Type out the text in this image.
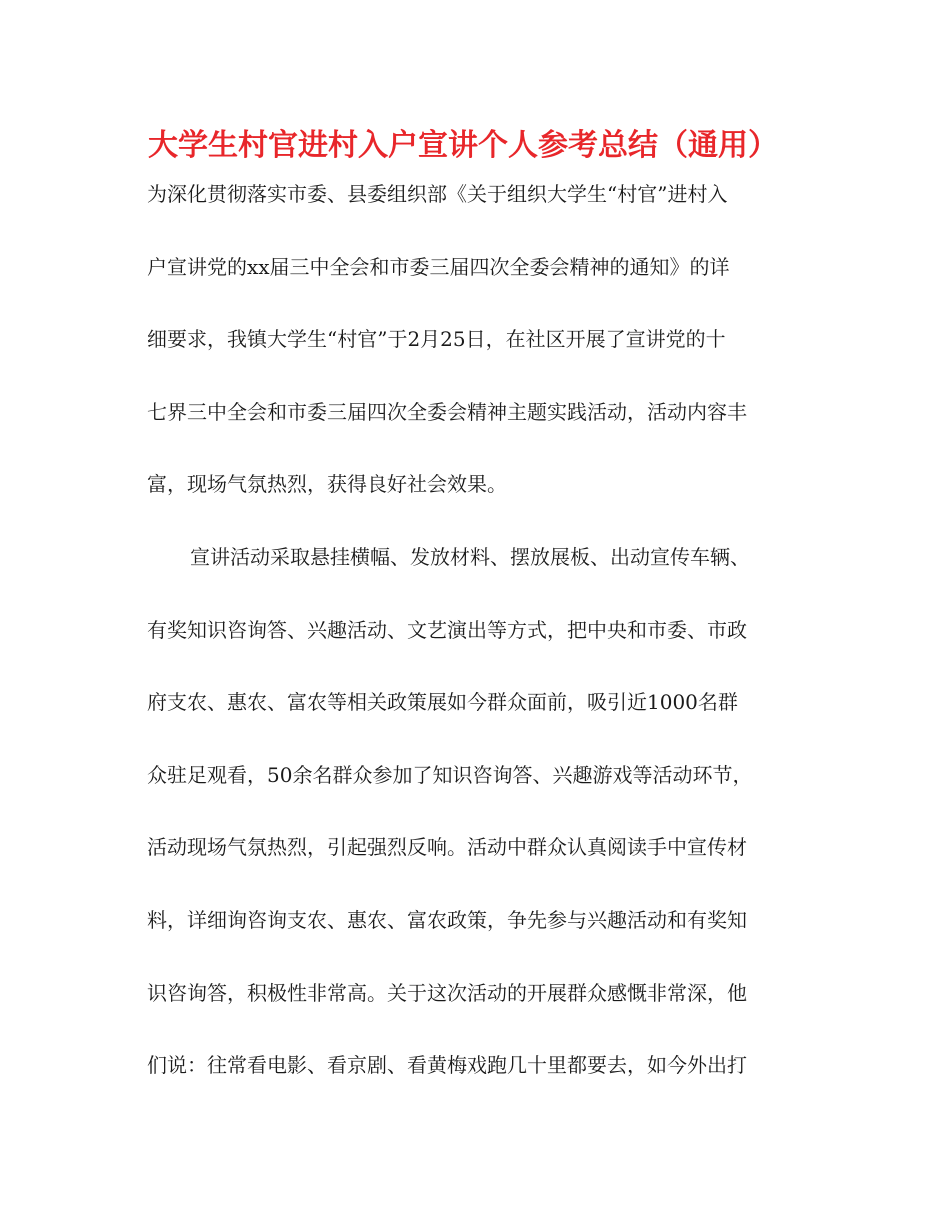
大学生村官进村入户宣讲个人参考总结（通用）
为深化贯彻落实市委、县委组织部《关于组织大学生“村官”进村入
户宣讲党的xx届三中全会和市委三届四次全委会精神的通知》的详
细要求，我镇大学生“村官”于2月25日，在社区开展了宣讲党的十
七界三中全会和市委三届四次全委会精神主题实践活动，活动内容丰
富，现场气氛热烈，获得良好社会效果。
宣讲活动采取悬挂横幅、发放材料、摆放展板、出动宣传车辆、
有奖知识咨询答、兴趣活动、文艺演出等方式，把中央和市委、市政
府支农、惠农、富农等相关政策展如今群众面前，吸引近1000名群
众驻足观看，50余名群众参加了知识咨询答、兴趣游戏等活动环节，
活动现场气氛热烈，引起强烈反响。活动中群众认真阅读手中宣传材
料，详细询咨询支农、惠农、富农政策，争先参与兴趣活动和有奖知
识咨询答，积极性非常高。关于这次活动的开展群众感慨非常深，他
们说：往常看电影、看京剧、看黄梅戏跑几十里都要去，如今外出打
